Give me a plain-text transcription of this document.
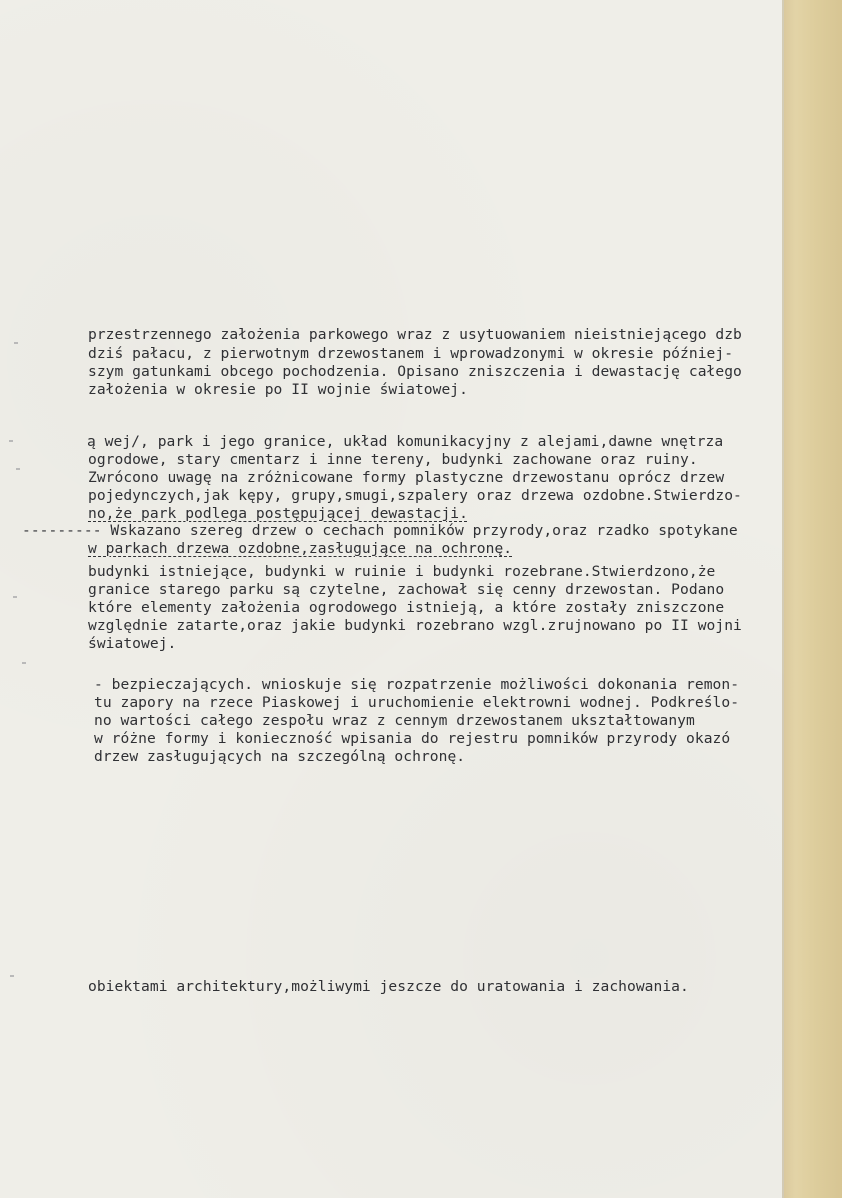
przestrzennego założenia parkowego wraz z usytuowaniem nieistniejącego dzb
dziś pałacu, z pierwotnym drzewostanem i wprowadzonymi w okresie później-
szym gatunkami obcego pochodzenia. Opisano zniszczenia i dewastację całego
założenia w okresie po II wojnie światowej.
ą wej/, park i jego granice, układ komunikacyjny z alejami,dawne wnętrza
ogrodowe, stary cmentarz i inne tereny, budynki zachowane oraz ruiny.
Zwrócono uwagę na zróżnicowane formy plastyczne drzewostanu oprócz drzew
pojedynczych,jak kępy, grupy,smugi,szpalery oraz drzewa ozdobne.Stwierdzo-
no,że park podlega postępującej dewastacji.
--------- Wskazano szereg drzew o cechach pomników przyrody,oraz rzadko spotykane
w parkach drzewa ozdobne,zasługujące na ochronę.
budynki istniejące, budynki w ruinie i budynki rozebrane.Stwierdzono,że
granice starego parku są czytelne, zachował się cenny drzewostan. Podano
które elementy założenia ogrodowego istnieją, a które zostały zniszczone
względnie zatarte,oraz jakie budynki rozebrano wzgl.zrujnowano po II wojni
światowej.
- bezpieczających. wnioskuje się rozpatrzenie możliwości dokonania remon-
tu zapory na rzece Piaskowej i uruchomienie elektrowni wodnej. Podkreślo-
no wartości całego zespołu wraz z cennym drzewostanem ukształtowanym
w różne formy i konieczność wpisania do rejestru pomników przyrody okazó
drzew zasługujących na szczególną ochronę.
obiektami architektury,możliwymi jeszcze do uratowania i zachowania.
